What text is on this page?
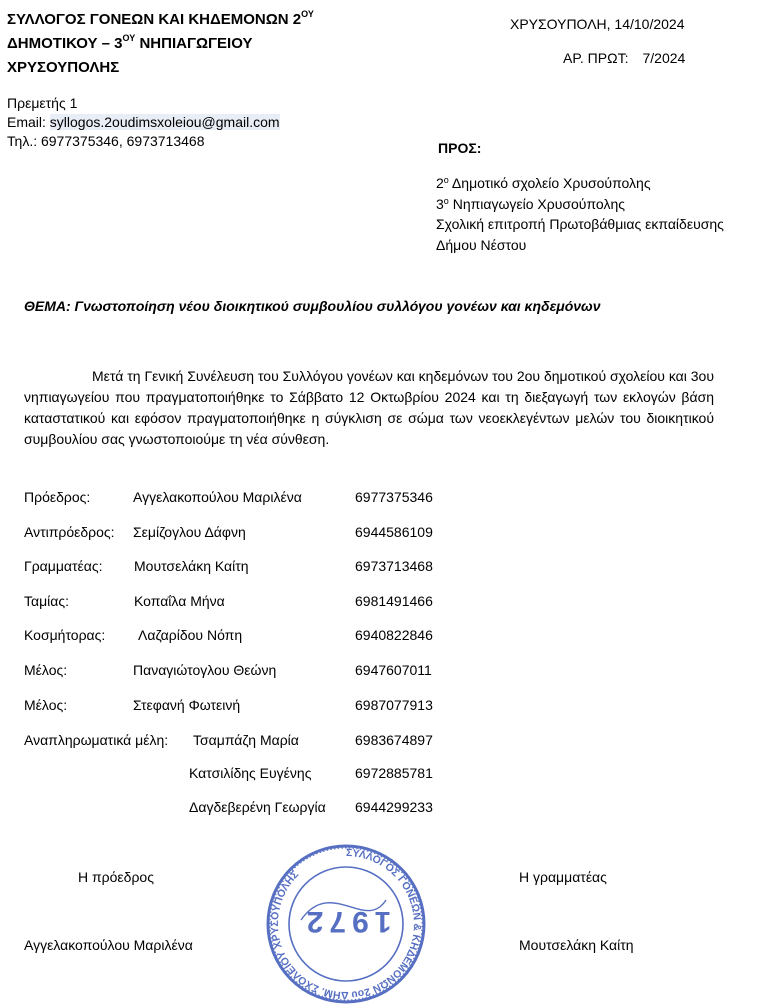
ΣΥΛΛΟΓΟΣ ΓΟΝΕΩΝ ΚΑΙ ΚΗΔΕΜΟΝΩΝ $2^{O\Upsilon}$
ΔΗΜΟΤΙΚΟΥ – $3^{O\Upsilon}$ ΝΗΠΙΑΓΩΓΕΙΟΥ
ΧΡΥΣΟΥΠΟΛΗΣ
ΧΡΥΣΟΥΠΟΛΗ, 14/10/2024
ΑΡ. ΠΡΩΤ: 7/2024
Πρεμετής 1
Email: syllogos.2oudimsxoleiou@gmail.com
Τηλ.: 6977375346, 6973713468	ΠΡΟΣ:
$2^o$ Δημοτικό σχολείο Χρυσούπολης
$3^o$ Νηπιαγωγείο Χρυσούπολης
Σχολική επιτροπή Πρωτοβάθμιας εκπαίδευσης
Δήμου Νέστου
ΘΕΜΑ: Γνωστοποίηση νέου διοικητικού συμβουλίου συλλόγου γονέων και κηδεμόνων
Μετά τη Γενική Συνέλευση του Συλλόγου γονέων και κηδεμόνων του 2ου δημοτικού σχολείου και 3ου νηπιαγωγείου που πραγματοποιήθηκε το Σάββατο 12 Οκτωβρίου 2024 και τη διεξαγωγή των εκλογών βάση καταστατικού και εφόσον πραγματοποιήθηκε η σύγκλιση σε σώμα των νεοεκλεγέντων μελών του διοικητικού συμβουλίου σας γνωστοποιούμε τη νέα σύνθεση.
Πρόεδρος:	Αγγελακοπούλου Μαριλένα	6977375346
Αντιπρόεδρος: Σεμίζογλου Δάφνη	6944586109
Γραμματέας: Μουτσελάκη Καίτη	6973713468
Ταμίας:	Κοπαΐλα Μήνα	6981491466
Κοσμήτορας: Λαζαρίδου Νόπη	6940822846
Μέλος:	Παναγιώτογλου Θεώνη	6947607011
Μέλος:	Στεφανή Φωτεινή	6987077913
Αναπληρωματικά μέλη: Τσαμπάζη Μαρία	6983674897
Κατσιλίδης Ευγένης	6972885781
Δαγδεβερένη Γεωργία 6944299233
Η πρόεδρος
Αγγελακοπούλου Μαριλένα
Η γραμματέας
Μουτσελάκη Καίτη
ΣΥΛΛΟΓΟΣ ΓΟΝΕΩΝ & ΚΗΔΕΜΟΝΩΝ 2ου ΔΗΜ. ΣΧΟΛΕΙΟΥ ΧΡΥΣΟΥΠΟΛΗΣ
1972
